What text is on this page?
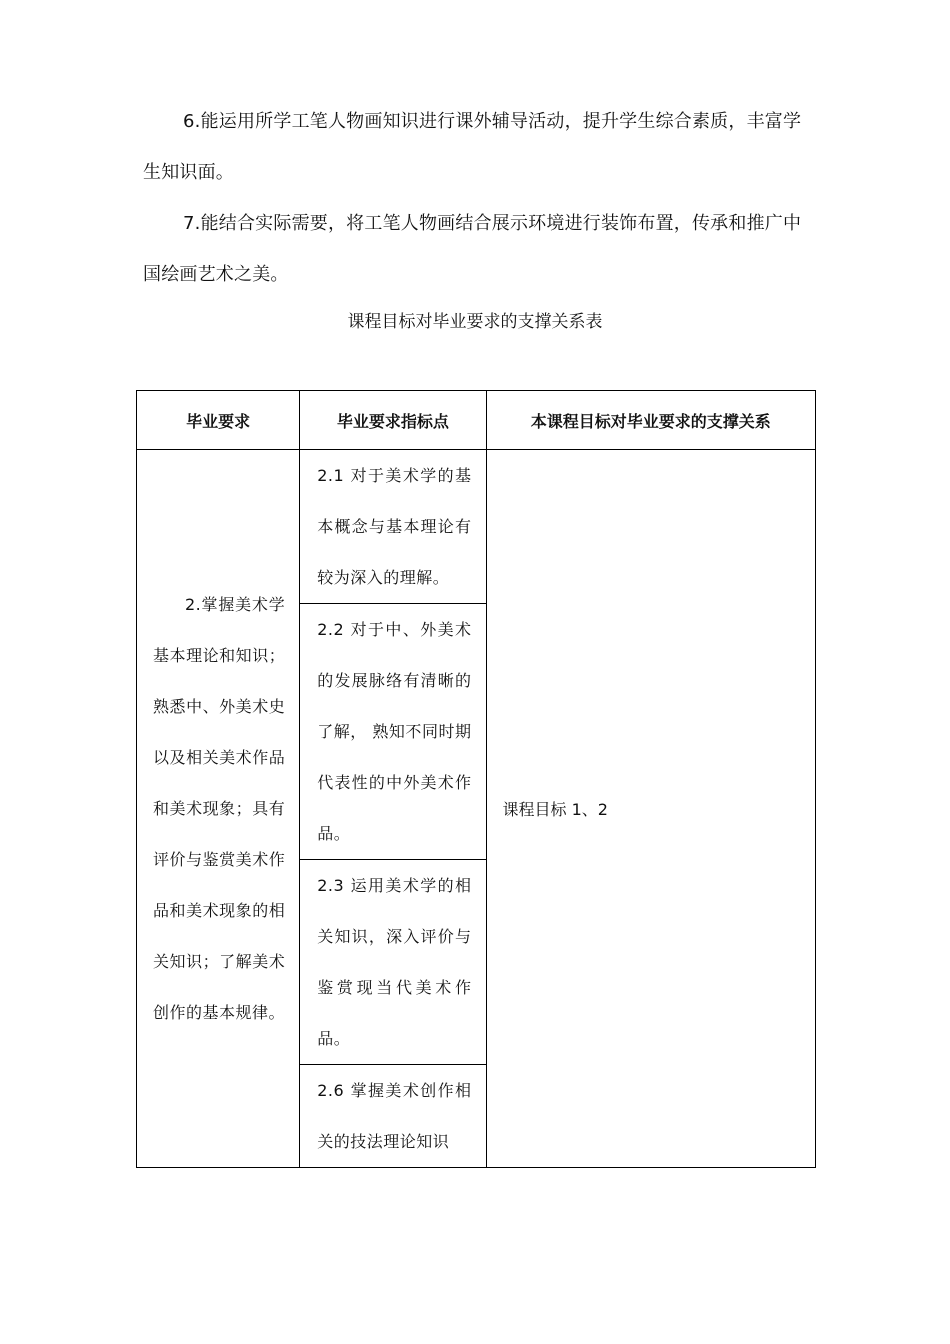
6.能运用所学工笔人物画知识进行课外辅导活动，提升学生综合素质，丰富学生知识面。

7.能结合实际需要，将工笔人物画结合展示环境进行装饰布置，传承和推广中国绘画艺术之美。

课程目标对毕业要求的支撑关系表

毕业要求	毕业要求指标点	本课程目标对毕业要求的支撑关系

2.掌握美术学基本理论和知识；熟悉中、外美术史以及相关美术作品和美术现象；具有评价与鉴赏美术作品和美术现象的相关知识；了解美术创作的基本规律。	2.1 对于美术学的基本概念与基本理论有较为深入的理解。	课程目标 1、2

	2.2 对于中、外美术的发展脉络有清晰的了解， 熟知不同时期代表性的中外美术作品。	

	2.3 运用美术学的相关知识，深入评价与鉴赏现当代美术作品。	

	2.6 掌握美术创作相关的技法理论知识	
